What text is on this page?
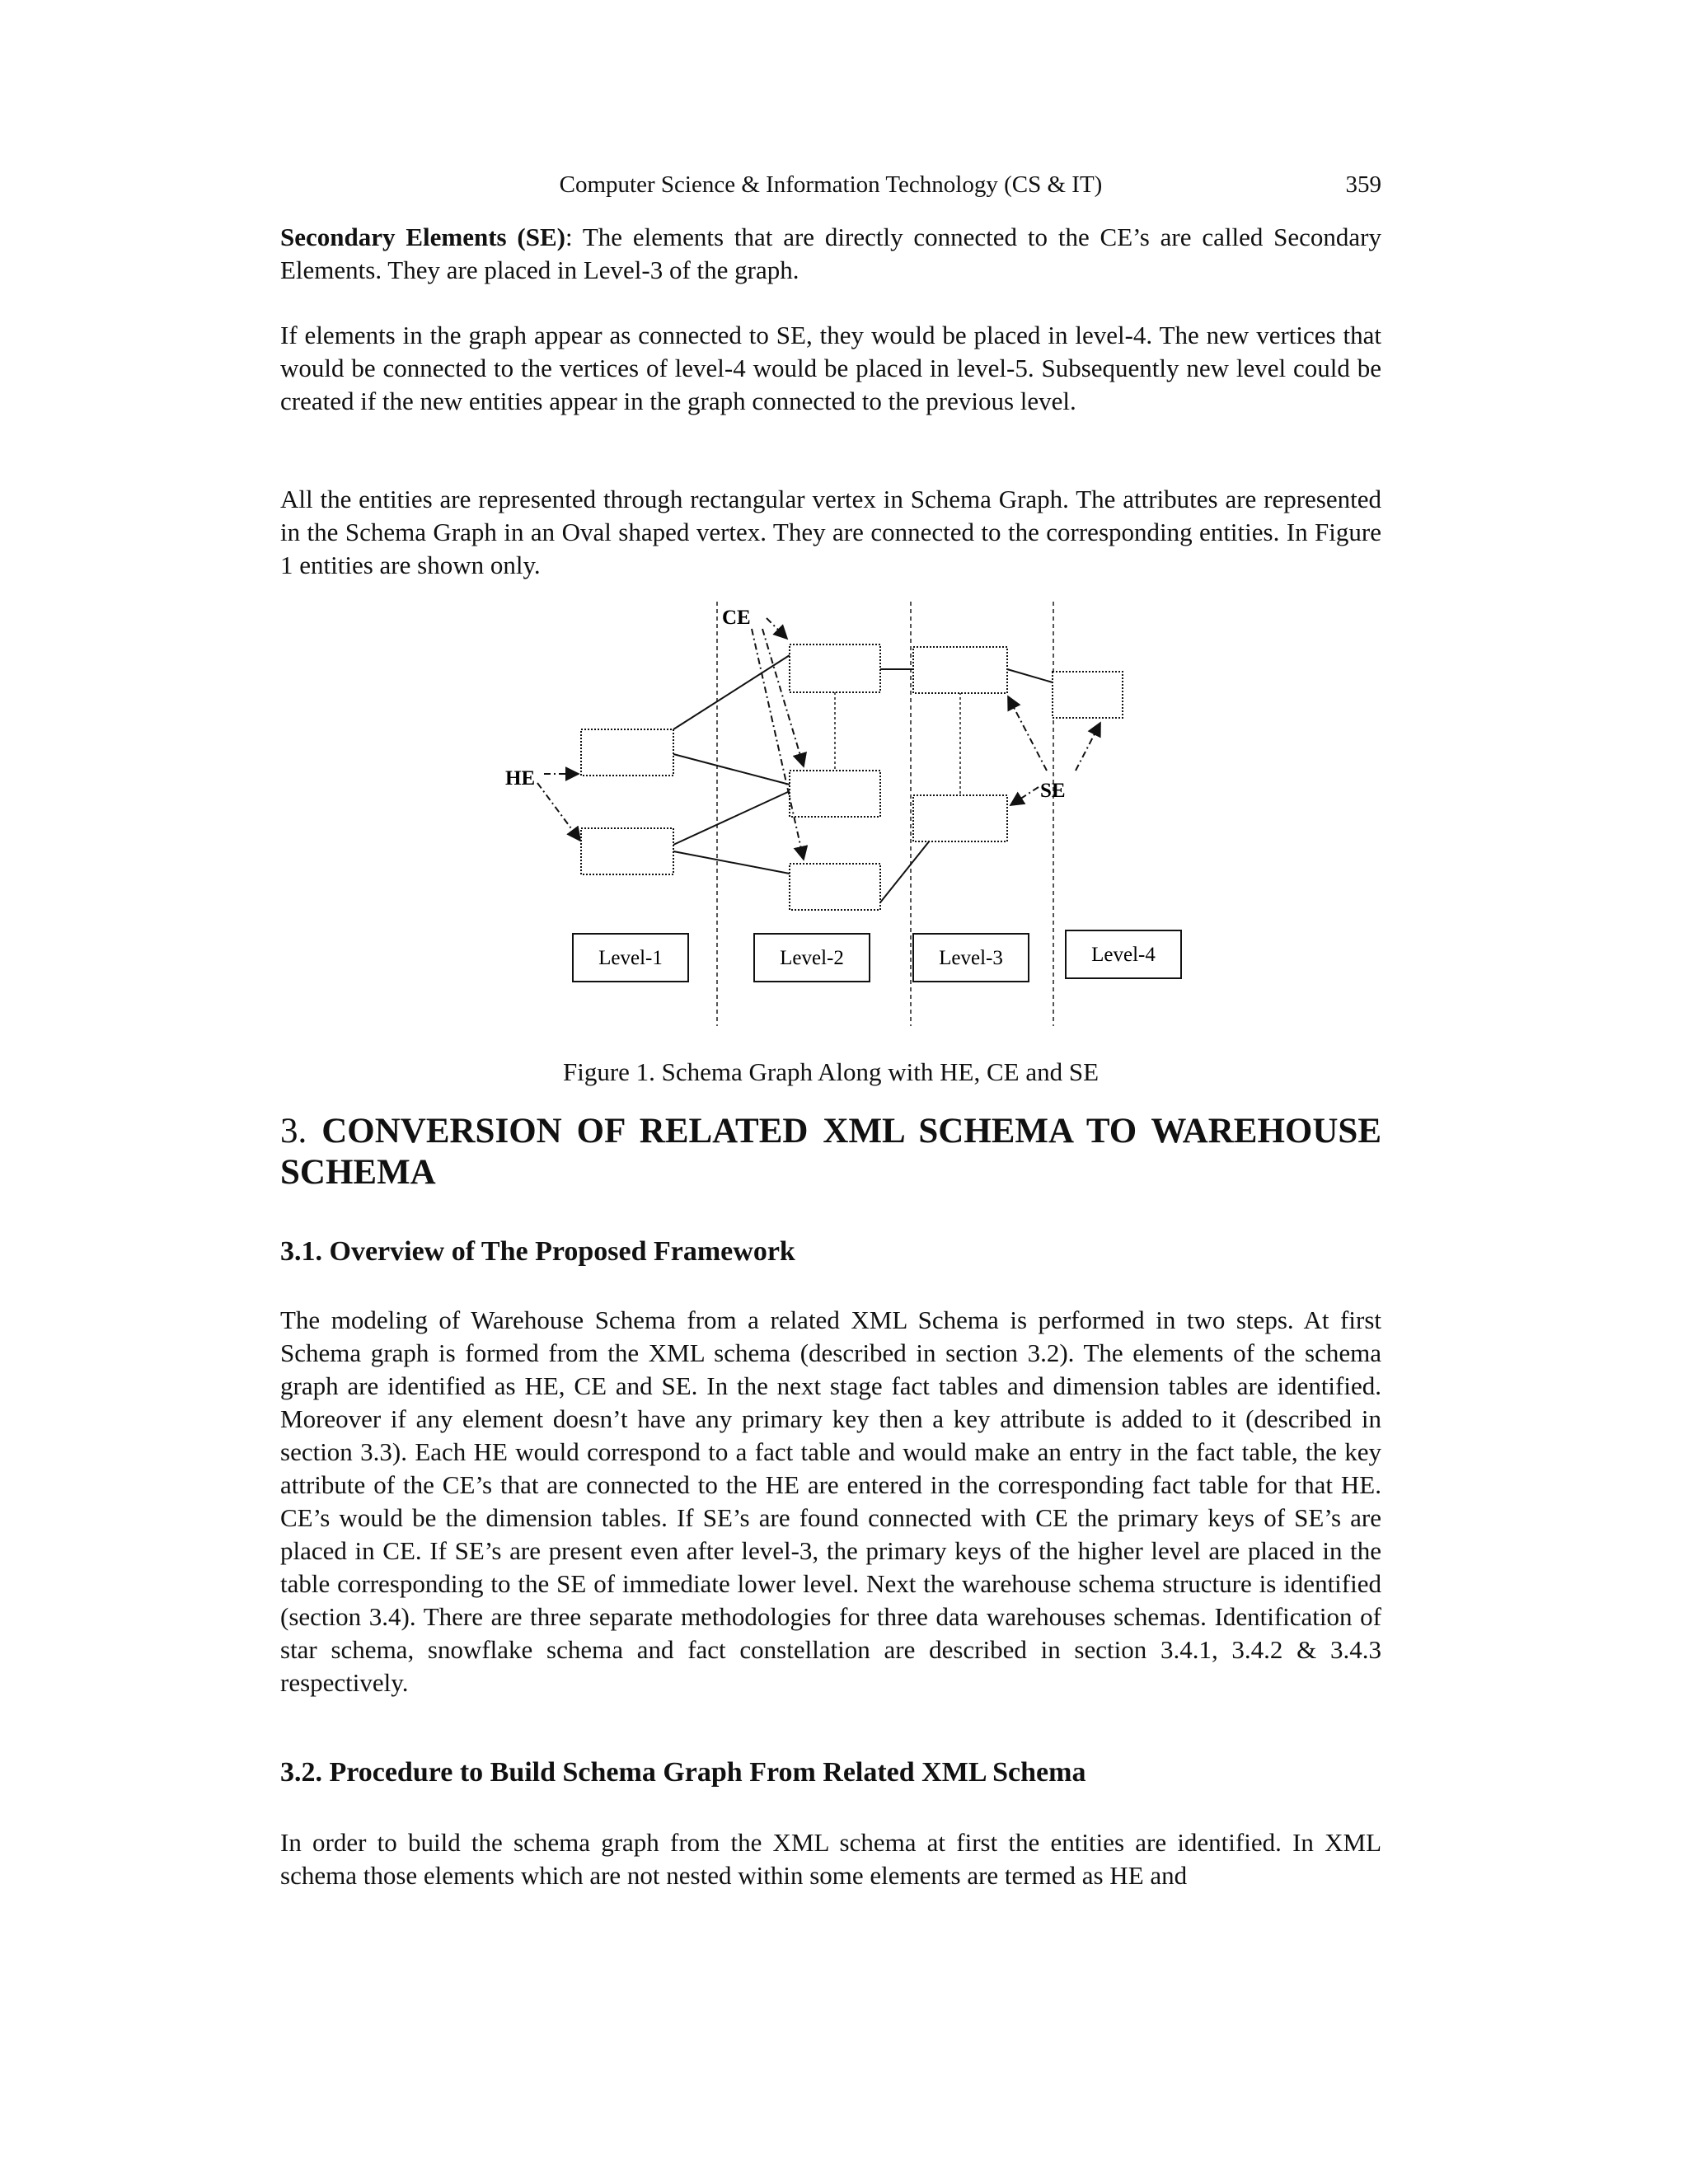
Computer Science & Information Technology (CS & IT)	359

Secondary Elements (SE): The elements that are directly connected to the CE’s are called Secondary Elements. They are placed in Level-3 of the graph.

If elements in the graph appear as connected to SE, they would be placed in level-4. The new vertices that would be connected to the vertices of level-4 would be placed in level-5. Subsequently new level could be created if the new entities appear in the graph connected to the previous level.

All the entities are represented through rectangular vertex in Schema Graph. The attributes are represented in the Schema Graph in an Oval shaped vertex. They are connected to the corresponding entities. In Figure 1 entities are shown only.

HE
CE
SE
Level-1	Level-2	Level-3	Level-4
Figure 1. Schema Graph Along with HE, CE and SE
3. CONVERSION OF RELATED XML SCHEMA TO WAREHOUSE SCHEMA
3.1. Overview of The Proposed Framework

The modeling of Warehouse Schema from a related XML Schema is performed in two steps. At first Schema graph is formed from the XML schema (described in section 3.2). The elements of the schema graph are identified as HE, CE and SE. In the next stage fact tables and dimension tables are identified. Moreover if any element doesn’t have any primary key then a key attribute is added to it (described in section 3.3). Each HE would correspond to a fact table and would make an entry in the fact table, the key attribute of the CE’s that are connected to the HE are entered in the corresponding fact table for that HE. CE’s would be the dimension tables. If SE’s are found connected with CE the primary keys of SE’s are placed in CE. If SE’s are present even after level-3, the primary keys of the higher level are placed in the table corresponding to the SE of immediate lower level. Next the warehouse schema structure is identified (section 3.4). There are three separate methodologies for three data warehouses schemas. Identification of star schema, snowflake schema and fact constellation are described in section 3.4.1, 3.4.2 & 3.4.3 respectively.

3.2. Procedure to Build Schema Graph From Related XML Schema

In order to build the schema graph from the XML schema at first the entities are identified. In XML schema those elements which are not nested within some elements are termed as HE and
